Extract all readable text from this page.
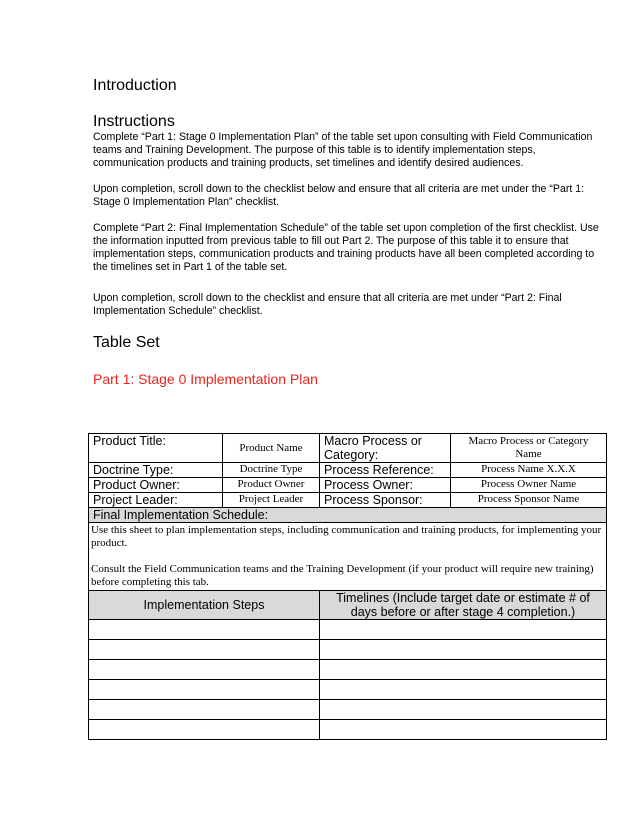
Introduction
Instructions

Complete “Part 1: Stage 0 Implementation Plan” of the table set upon consulting with Field Communication teams and Training Development. The purpose of this table is to identify implementation steps, communication products and training products, set timelines and identify desired audiences.

Upon completion, scroll down to the checklist below and ensure that all criteria are met under the “Part 1: Stage 0 Implementation Plan” checklist.

Complete “Part 2: Final Implementation Schedule” of the table set upon completion of the first checklist. Use the information inputted from previous table to fill out Part 2. The purpose of this table it to ensure that implementation steps, communication products and training products have all been completed according to the timelines set in Part 1 of the table set.

Upon completion, scroll down to the checklist and ensure that all criteria are met under “Part 2: Final Implementation Schedule” checklist.

Table Set
Part 1: Stage 0 Implementation Plan
Product Title:	Product Name	Macro Process or Category:	Macro Process or Category Name
Doctrine Type:	Doctrine Type	Process Reference:	Process Name X.X.X
Product Owner:	Product Owner	Process Owner:	Process Owner Name
Project Leader:	Project Leader	Process Sponsor:	Process Sponsor Name
Final Implementation Schedule:			

Use this sheet to plan implementation steps, including communication and training products, for implementing your product.
Consult the Field Communication teams and the Training Development (if your product will require new training) before completing this tab.			

Implementation Steps		Timelines (Include target date or estimate # of days before or after stage 4 completion.)	
